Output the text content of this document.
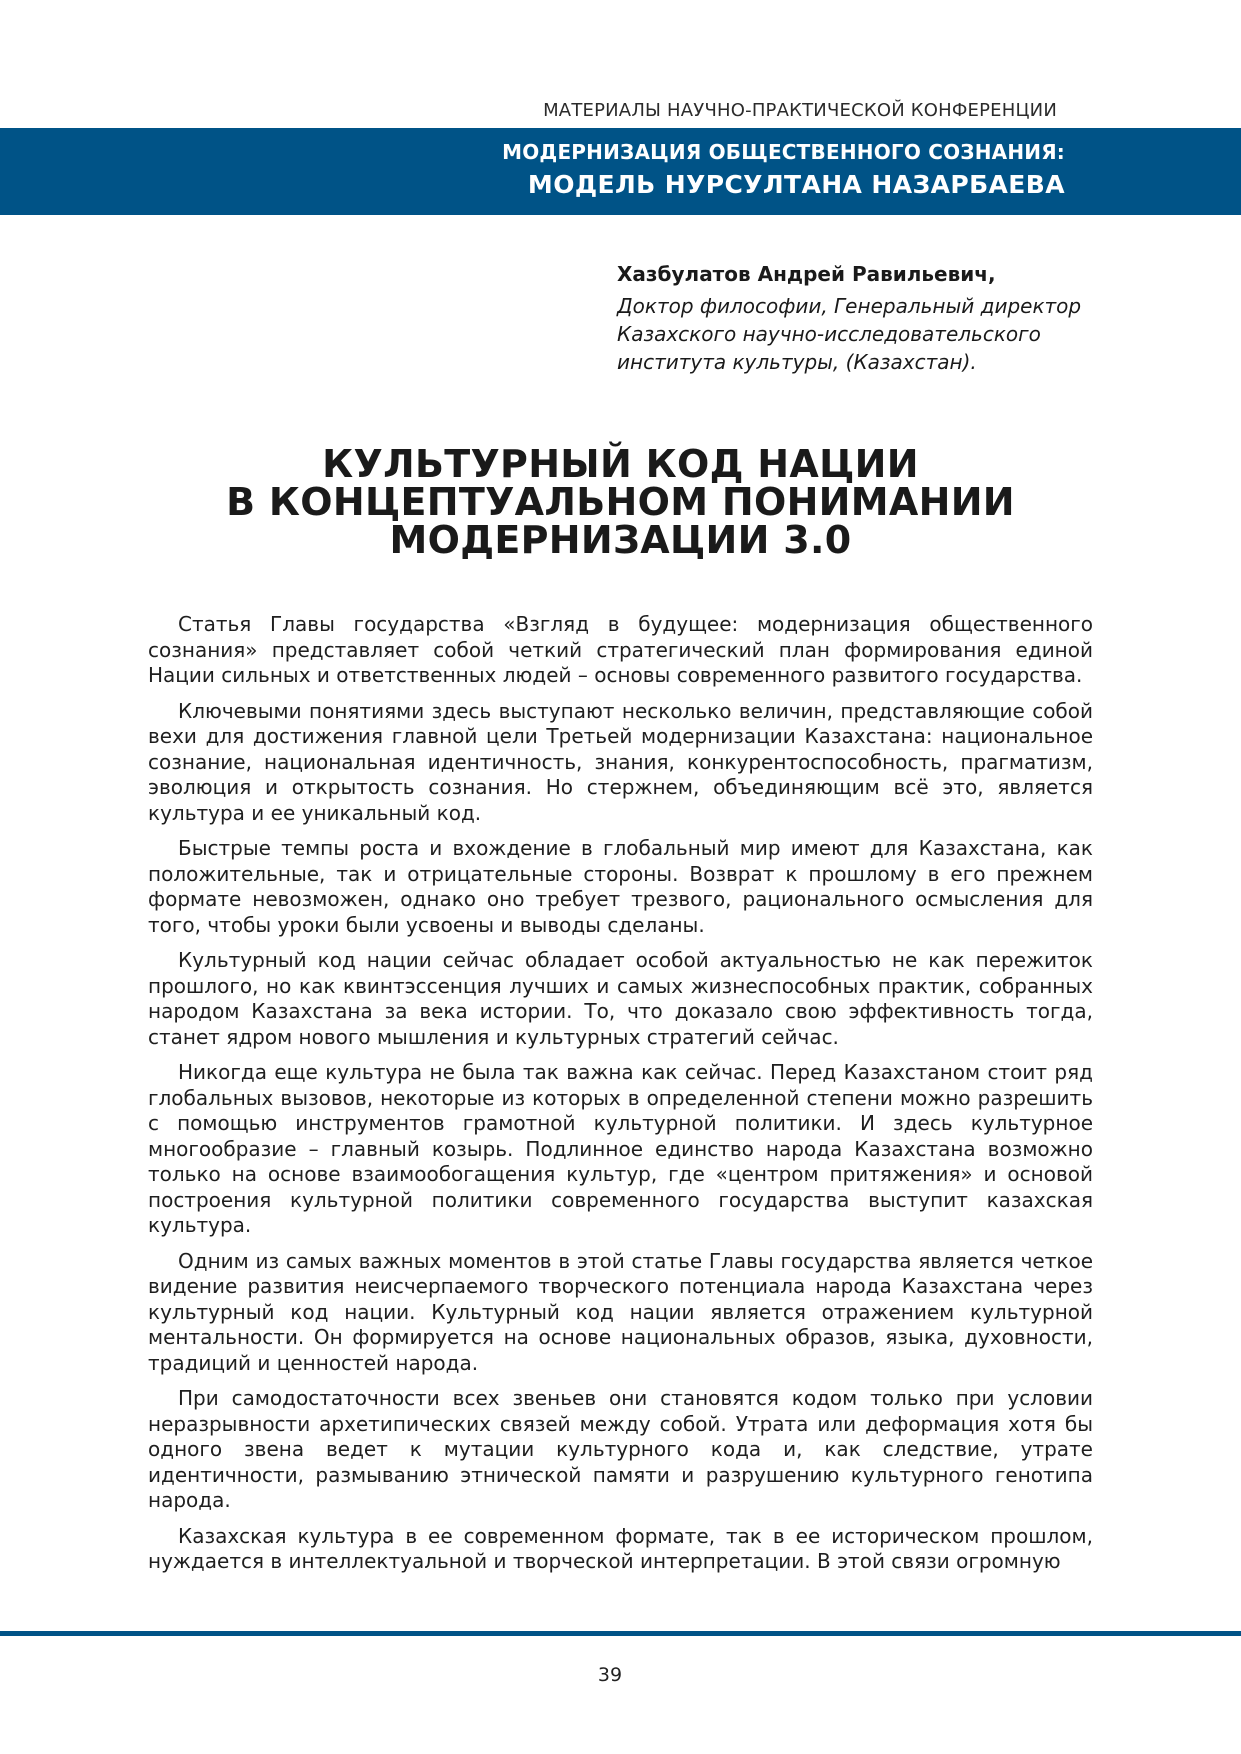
МАТЕРИАЛЫ НАУЧНО-ПРАКТИЧЕСКОЙ КОНФЕРЕНЦИИ
МОДЕРНИЗАЦИЯ ОБЩЕСТВЕННОГО СОЗНАНИЯ:
МОДЕЛЬ НУРСУЛТАНА НАЗАРБАЕВА
Хазбулатов Андрей Равильевич,
Доктор философии, Генеральный директор
Казахского научно-исследовательского
института культуры, (Казахстан).
КУЛЬТУРНЫЙ КОД НАЦИИ
В КОНЦЕПТУАЛЬНОМ ПОНИМАНИИ
МОДЕРНИЗАЦИИ 3.0

Статья Главы государства «Взгляд в будущее: модернизация общественного сознания» представляет собой четкий стратегический план формирования единой Нации сильных и ответственных людей – основы современного развитого государства.

Ключевыми понятиями здесь выступают несколько величин, представляющие собой вехи для достижения главной цели Третьей модернизации Казахстана: национальное сознание, национальная идентичность, знания, конкурентоспособность, прагматизм, эволюция и открытость сознания. Но стержнем, объединяющим всё это, является культура и ее уникальный код.

Быстрые темпы роста и вхождение в глобальный мир имеют для Казахстана, как положительные, так и отрицательные стороны. Возврат к прошлому в его прежнем формате невозможен, однако оно требует трезвого, рационального осмысления для того, чтобы уроки были усвоены и выводы сделаны.

Культурный код нации сейчас обладает особой актуальностью не как пережиток прошлого, но как квинтэссенция лучших и самых жизнеспособных практик, собранных народом Казахстана за века истории. То, что доказало свою эффективность тогда, станет ядром нового мышления и культурных стратегий сейчас.

Никогда еще культура не была так важна как сейчас. Перед Казахстаном стоит ряд глобальных вызовов, некоторые из которых в определенной степени можно разрешить с помощью инструментов грамотной культурной политики. И здесь культурное многообразие – главный козырь. Подлинное единство народа Казахстана возможно только на основе взаимообогащения культур, где «центром притяжения» и основой построения культурной политики современного государства выступит казахская культура.

Одним из самых важных моментов в этой статье Главы государства является четкое видение развития неисчерпаемого творческого потенциала народа Казахстана через культурный код нации. Культурный код нации является отражением культурной ментальности. Он формируется на основе национальных образов, языка, духовности, традиций и ценностей народа.

При самодостаточности всех звеньев они становятся кодом только при условии неразрывности архетипических связей между собой. Утрата или деформация хотя бы одного звена ведет к мутации культурного кода и, как следствие, утрате идентичности, размыванию этнической памяти и разрушению культурного генотипа народа.

Казахская культура в ее современном формате, так в ее историческом прошлом, нуждается в интеллектуальной и творческой интерпретации. В этой связи огромную

39
